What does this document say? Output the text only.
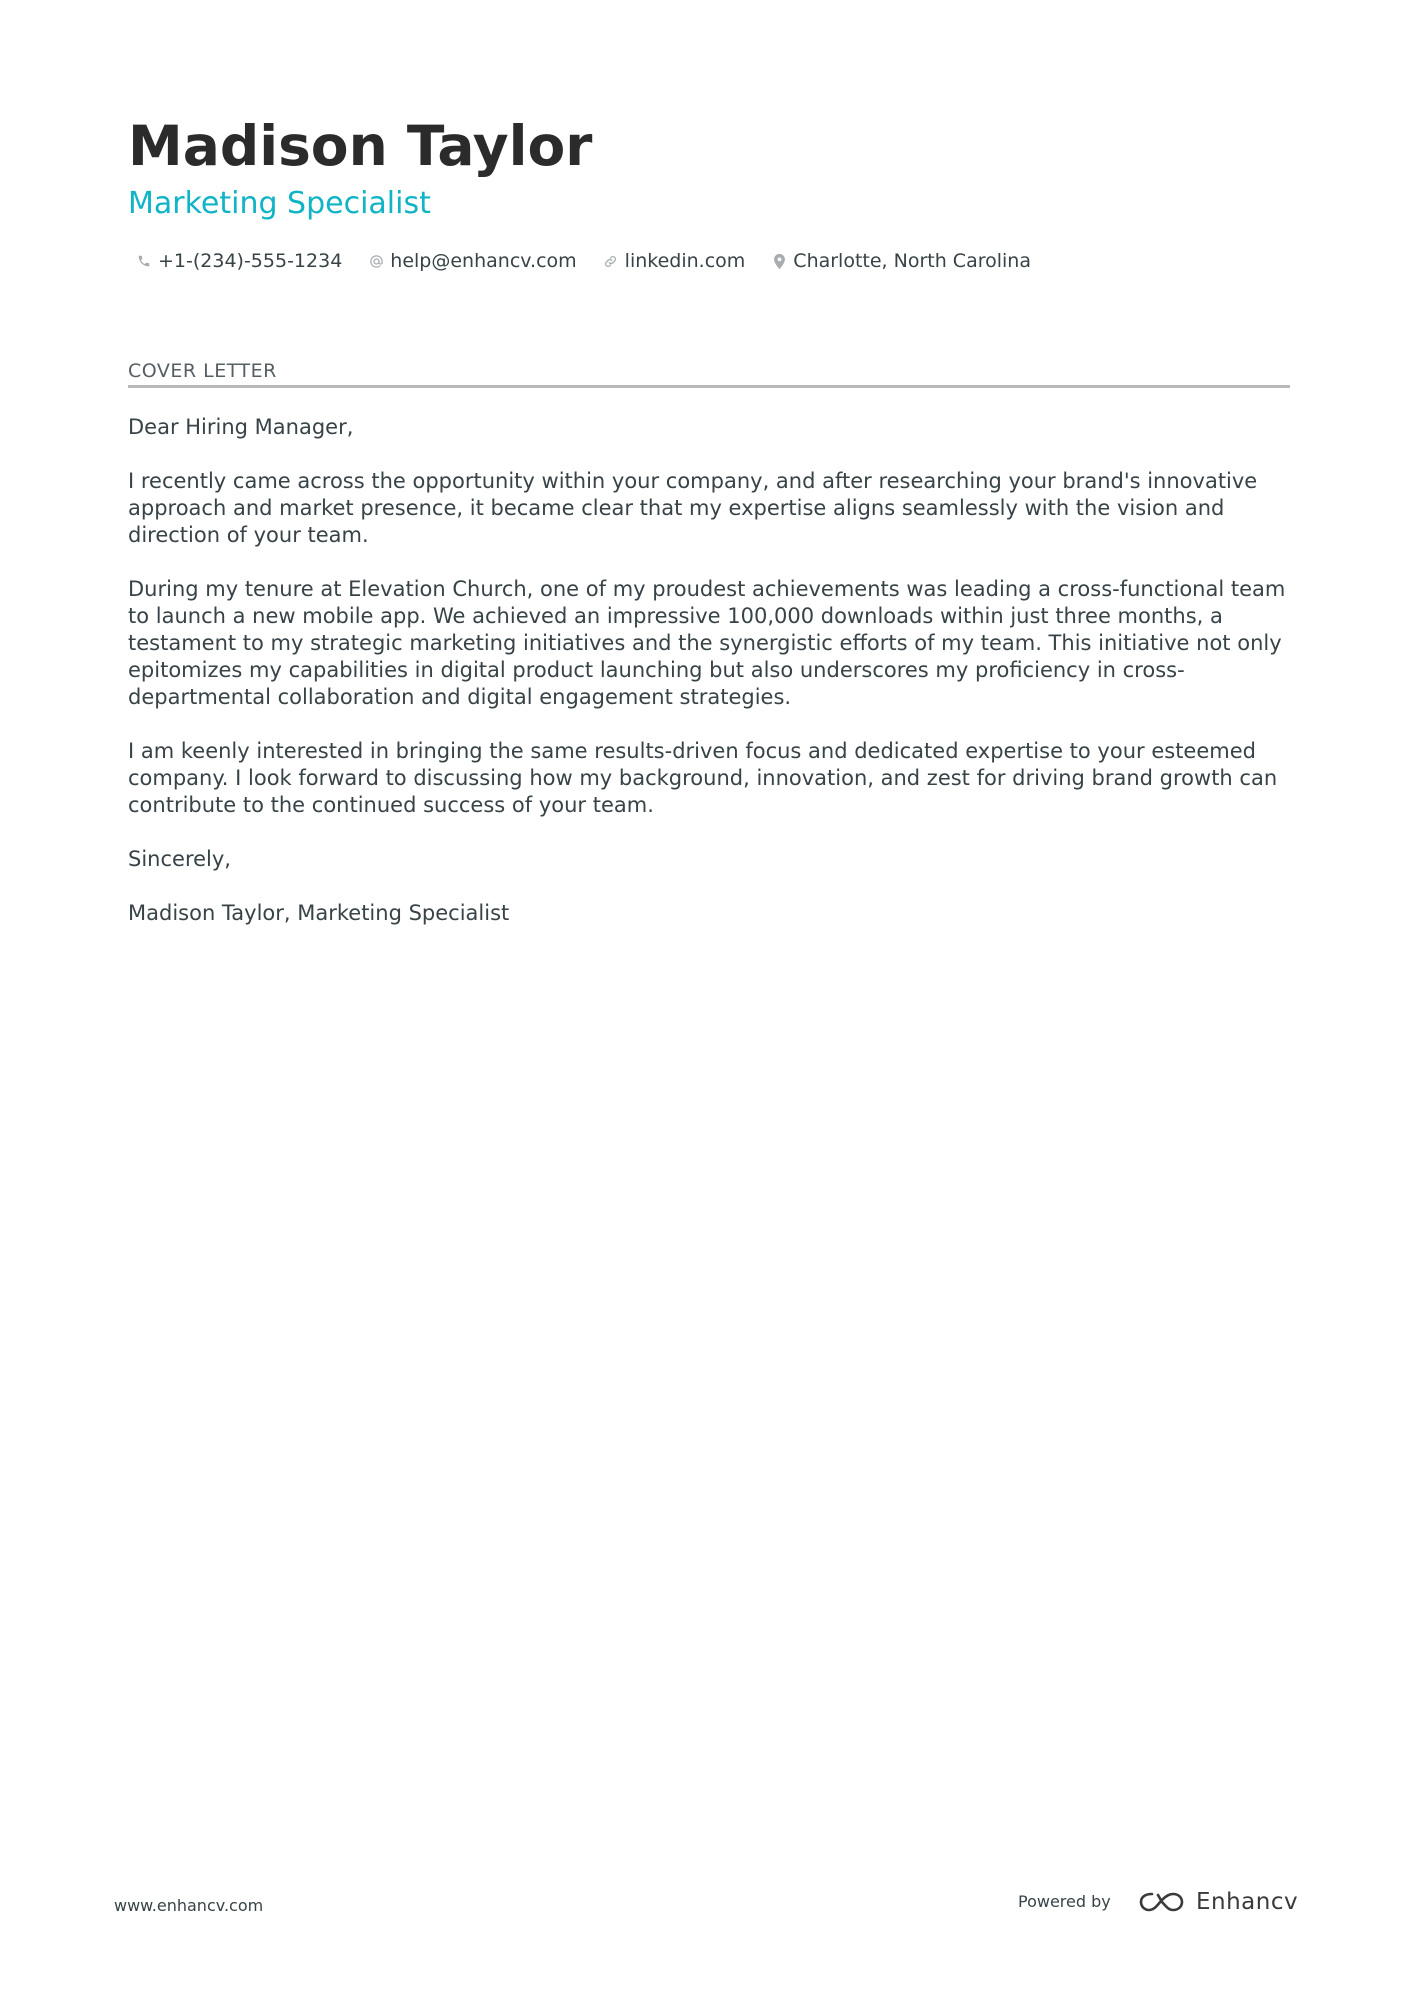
Madison Taylor
Marketing Specialist
+1-(234)-555-1234	help@enhancv.com	linkedin.com	Charlotte, North Carolina
COVER LETTER

Dear Hiring Manager,

I recently came across the opportunity within your company, and after researching your brand's innovative approach and market presence, it became clear that my expertise aligns seamlessly with the vision and direction of your team.

During my tenure at Elevation Church, one of my proudest achievements was leading a cross-functional team to launch a new mobile app. We achieved an impressive 100,000 downloads within just three months, a testament to my strategic marketing initiatives and the synergistic efforts of my team. This initiative not only epitomizes my capabilities in digital product launching but also underscores my proficiency in cross-departmental collaboration and digital engagement strategies.

I am keenly interested in bringing the same results-driven focus and dedicated expertise to your esteemed company. I look forward to discussing how my background, innovation, and zest for driving brand growth can contribute to the continued success of your team.

Sincerely,

Madison Taylor, Marketing Specialist

www.enhancv.com	Powered by	Enhancv
